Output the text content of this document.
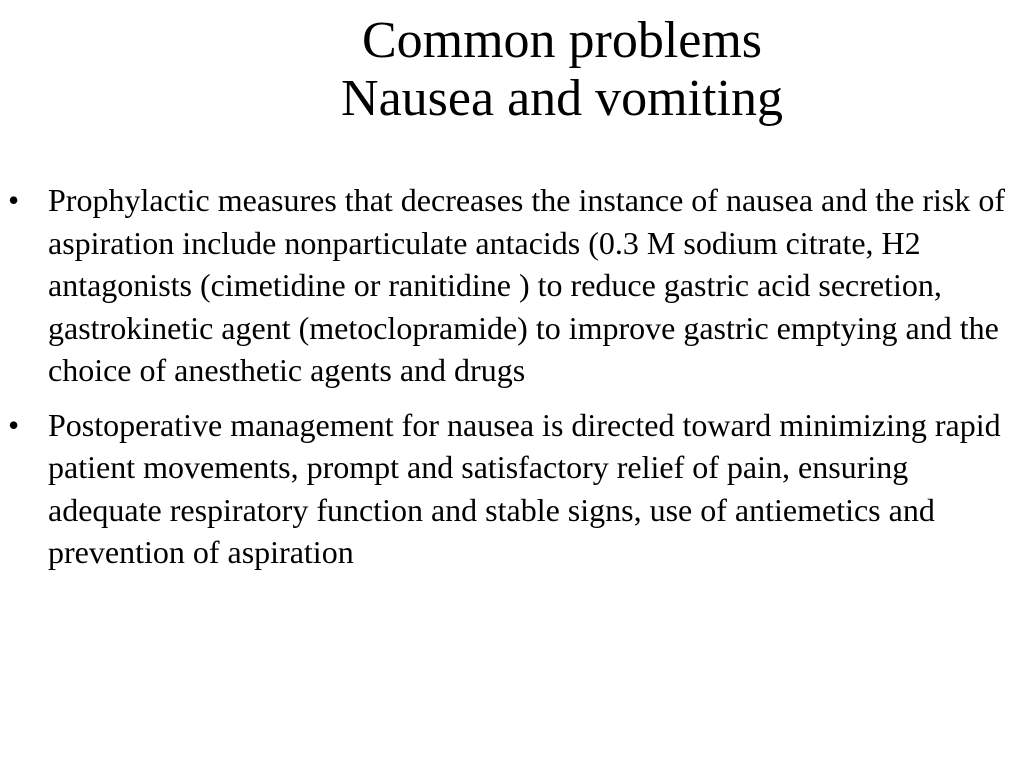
Common problems
Nausea and vomiting
• Prophylactic measures that decreases the instance of nausea and the risk of aspiration include nonparticulate antacids (0.3 M sodium citrate, H2 antagonists (cimetidine or ranitidine ) to reduce gastric acid secretion, gastrokinetic agent (metoclopramide) to improve gastric emptying and the choice of anesthetic agents and drugs
• Postoperative management for nausea is directed toward minimizing rapid patient movements, prompt and satisfactory relief of pain, ensuring adequate respiratory function and stable signs, use of antiemetics and prevention of aspiration
